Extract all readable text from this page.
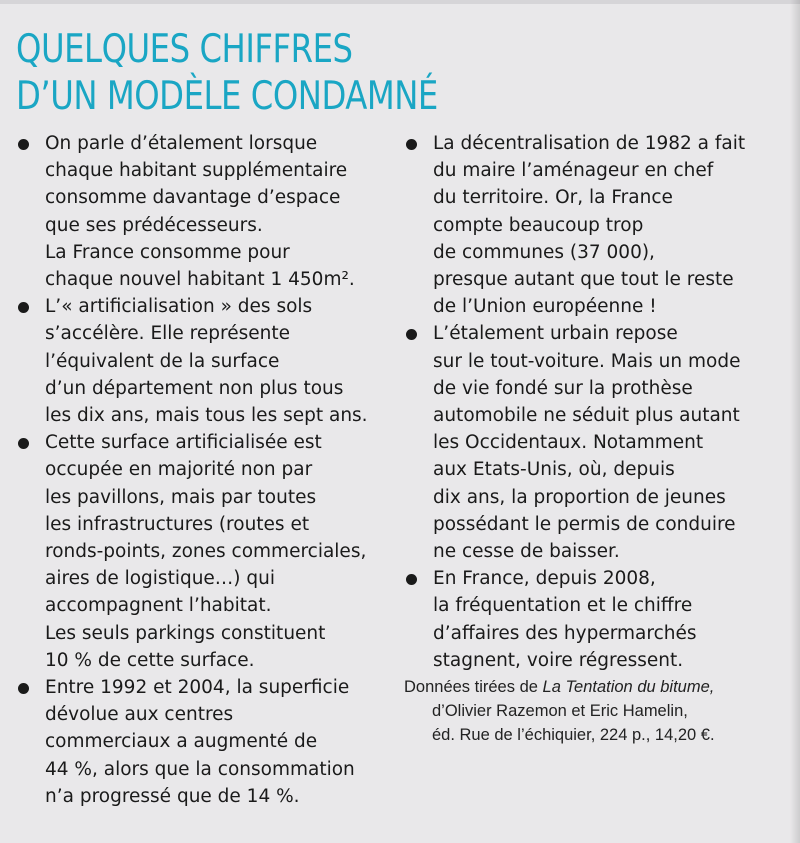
QUELQUES CHIFFRES
D’UN MODÈLE CONDAMNÉ

On parle d’étalement lorsque
chaque habitant supplémentaire
consomme davantage d’espace
que ses prédécesseurs.
La France consomme pour
chaque nouvel habitant 1 450m².

L’« artificialisation » des sols
s’accélère. Elle représente
l’équivalent de la surface
d’un département non plus tous
les dix ans, mais tous les sept ans.

Cette surface artificialisée est
occupée en majorité non par
les pavillons, mais par toutes
les infrastructures (routes et
ronds-points, zones commerciales,
aires de logistique…) qui
accompagnent l’habitat.
Les seuls parkings constituent
10 % de cette surface.

Entre 1992 et 2004, la superficie
dévolue aux centres
commerciaux a augmenté de
44 %, alors que la consommation
n’a progressé que de 14 %.

La décentralisation de 1982 a fait
du maire l’aménageur en chef
du territoire. Or, la France
compte beaucoup trop
de communes (37 000),
presque autant que tout le reste
de l’Union européenne !

L’étalement urbain repose
sur le tout-voiture. Mais un mode
de vie fondé sur la prothèse
automobile ne séduit plus autant
les Occidentaux. Notamment
aux Etats-Unis, où, depuis
dix ans, la proportion de jeunes
possédant le permis de conduire
ne cesse de baisser.

En France, depuis 2008,
la fréquentation et le chiffre
d’affaires des hypermarchés
stagnent, voire régressent.

Données tirées de La Tentation du bitume,
d’Olivier Razemon et Eric Hamelin,
éd. Rue de l’échiquier, 224 p., 14,20 €.
